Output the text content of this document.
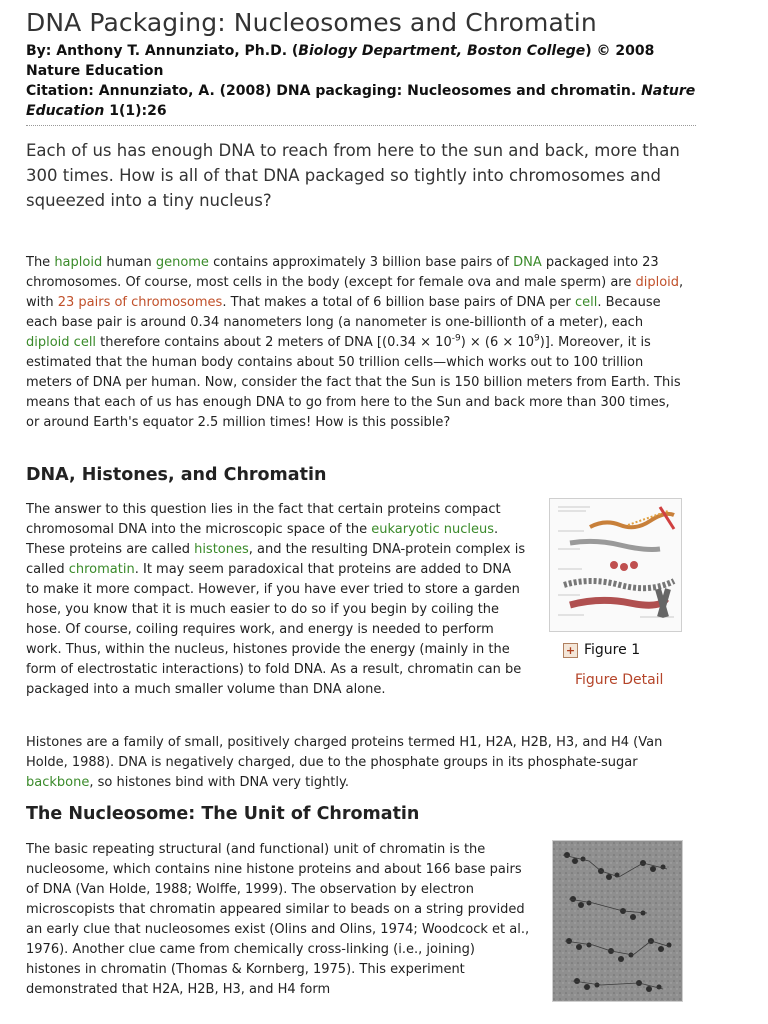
DNA Packaging: Nucleosomes and Chromatin
By: Anthony T. Annunziato, Ph.D. (Biology Department, Boston College) © 2008 Nature Education
Citation: Annunziato, A. (2008) DNA packaging: Nucleosomes and chromatin. Nature Education 1(1):26

Each of us has enough DNA to reach from here to the sun and back, more than 300 times. How is all of that DNA packaged so tightly into chromosomes and squeezed into a tiny nucleus?

The haploid human genome contains approximately 3 billion base pairs of DNA packaged into 23 chromosomes. Of course, most cells in the body (except for female ova and male sperm) are diploid, with 23 pairs of chromosomes. That makes a total of 6 billion base pairs of DNA per cell. Because each base pair is around 0.34 nanometers long (a nanometer is one-billionth of a meter), each diploid cell therefore contains about 2 meters of DNA $[(0.34 \times 10^{-9}) \times (6 \times 10^9)]$. Moreover, it is estimated that the human body contains about 50 trillion cells—which works out to 100 trillion meters of DNA per human. Now, consider the fact that the Sun is 150 billion meters from Earth. This means that each of us has enough DNA to go from here to the Sun and back more than 300 times, or around Earth's equator 2.5 million times! How is this possible?

DNA, Histones, and Chromatin

The answer to this question lies in the fact that certain proteins compact chromosomal DNA into the microscopic space of the eukaryotic nucleus. These proteins are called histones, and the resulting DNA-protein complex is called chromatin. It may seem paradoxical that proteins are added to DNA to make it more compact. However, if you have ever tried to store a garden hose, you know that it is much easier to do so if you begin by coiling the hose. Of course, coiling requires work, and energy is needed to perform work. Thus, within the nucleus, histones provide the energy (mainly in the form of electrostatic interactions) to fold DNA. As a result, chromatin can be packaged into a much smaller volume than DNA alone.

+ Figure 1
Figure Detail

Histones are a family of small, positively charged proteins termed H1, H2A, H2B, H3, and H4 (Van Holde, 1988). DNA is negatively charged, due to the phosphate groups in its phosphate-sugar backbone, so histones bind with DNA very tightly.

The Nucleosome: The Unit of Chromatin

The basic repeating structural (and functional) unit of chromatin is the nucleosome, which contains nine histone proteins and about 166 base pairs of DNA (Van Holde, 1988; Wolffe, 1999). The observation by electron microscopists that chromatin appeared similar to beads on a string provided an early clue that nucleosomes exist (Olins and Olins, 1974; Woodcock et al., 1976). Another clue came from chemically cross-linking (i.e., joining) histones in chromatin (Thomas & Kornberg, 1975). This experiment demonstrated that H2A, H2B, H3, and H4 form
